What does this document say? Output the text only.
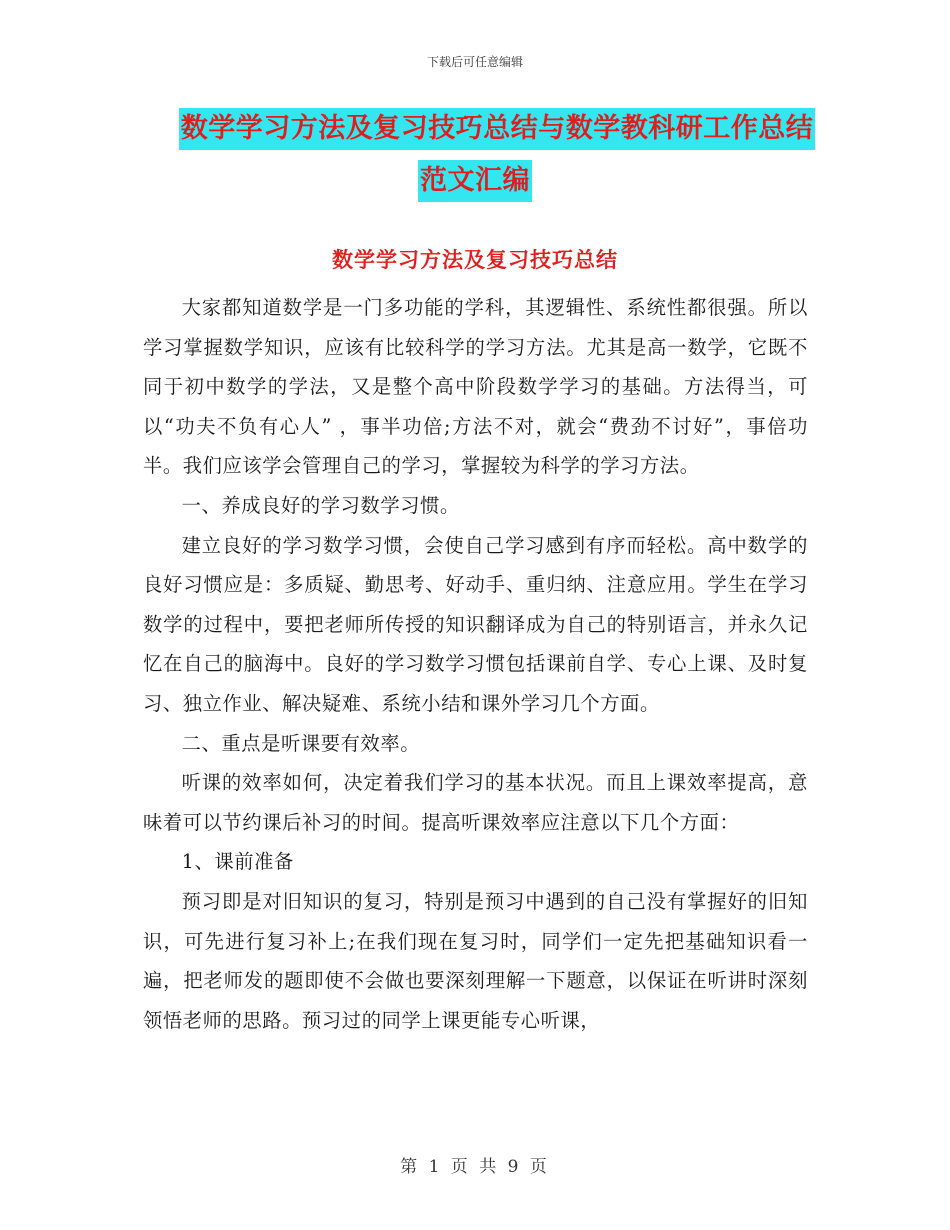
下载后可任意编辑
数学学习方法及复习技巧总结与数学教科研工作总结
范文汇编
数学学习方法及复习技巧总结

大家都知道数学是一门多功能的学科，其逻辑性、系统性都很强。所以学习掌握数学知识，应该有比较科学的学习方法。尤其是高一数学，它既不同于初中数学的学法，又是整个高中阶段数学学习的基础。方法得当，可以“功夫不负有心人” ，事半功倍;方法不对，就会“费劲不讨好”，事倍功半。我们应该学会管理自己的学习，掌握较为科学的学习方法。

一、养成良好的学习数学习惯。

建立良好的学习数学习惯，会使自己学习感到有序而轻松。高中数学的良好习惯应是：多质疑、勤思考、好动手、重归纳、注意应用。学生在学习数学的过程中，要把老师所传授的知识翻译成为自己的特别语言，并永久记忆在自己的脑海中。良好的学习数学习惯包括课前自学、专心上课、及时复习、独立作业、解决疑难、系统小结和课外学习几个方面。

二、重点是听课要有效率。

听课的效率如何，决定着我们学习的基本状况。而且上课效率提高，意味着可以节约课后补习的时间。提高听课效率应注意以下几个方面：

1、课前准备

预习即是对旧知识的复习，特别是预习中遇到的自己没有掌握好的旧知识，可先进行复习补上;在我们现在复习时，同学们一定先把基础知识看一遍，把老师发的题即使不会做也要深刻理解一下题意，以保证在听讲时深刻领悟老师的思路。预习过的同学上课更能专心听课，

第 1 页 共 9 页
